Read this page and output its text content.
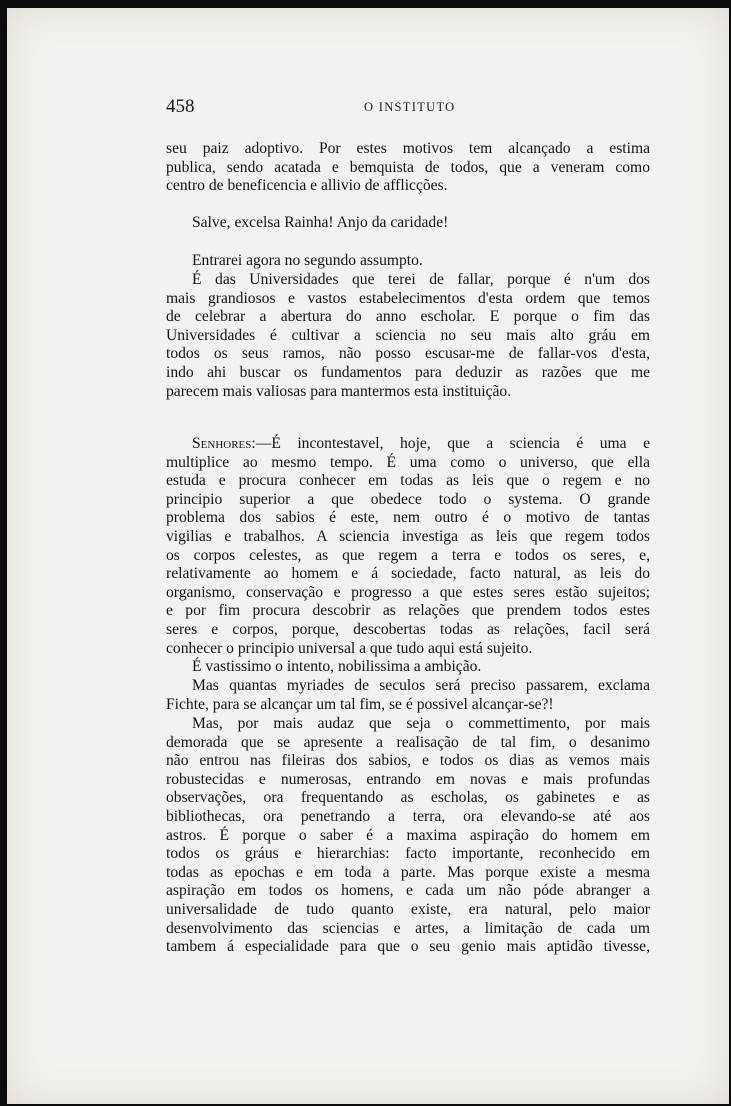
458	O INSTITUTO

seu paiz adoptivo. Por estes motivos tem alcançado a estima

publica, sendo acatada e bemquista de todos, que a veneram como

centro de beneficencia e allivio de afflicções.

Salve, excelsa Rainha! Anjo da caridade!

Entrarei agora no segundo assumpto.

É das Universidades que terei de fallar, porque é n'um dos

mais grandiosos e vastos estabelecimentos d'esta ordem que temos

de celebrar a abertura do anno escholar. E porque o fim das

Universidades é cultivar a sciencia no seu mais alto gráu em

todos os seus ramos, não posso escusar-me de fallar-vos d'esta,

indo ahi buscar os fundamentos para deduzir as razões que me

parecem mais valiosas para mantermos esta instituição.

Senhores:—É incontestavel, hoje, que a sciencia é uma e

multiplice ao mesmo tempo. É uma como o universo, que ella

estuda e procura conhecer em todas as leis que o regem e no

principio superior a que obedece todo o systema. O grande

problema dos sabios é este, nem outro é o motivo de tantas

vigilias e trabalhos. A sciencia investiga as leis que regem todos

os corpos celestes, as que regem a terra e todos os seres, e,

relativamente ao homem e á sociedade, facto natural, as leis do

organismo, conservação e progresso a que estes seres estão sujeitos;

e por fim procura descobrir as relações que prendem todos estes

seres e corpos, porque, descobertas todas as relações, facil será

conhecer o principio universal a que tudo aqui está sujeito.

É vastissimo o intento, nobilissima a ambição.

Mas quantas myriades de seculos será preciso passarem, exclama

Fichte, para se alcançar um tal fim, se é possivel alcançar-se?!

Mas, por mais audaz que seja o commettimento, por mais

demorada que se apresente a realisação de tal fim, o desanimo

não entrou nas fileiras dos sabios, e todos os dias as vemos mais

robustecidas e numerosas, entrando em novas e mais profundas

observações, ora frequentando as escholas, os gabinetes e as

bibliothecas, ora penetrando a terra, ora elevando-se até aos

astros. É porque o saber é a maxima aspiração do homem em

todos os gráus e hierarchias: facto importante, reconhecido em

todas as epochas e em toda a parte. Mas porque existe a mesma

aspiração em todos os homens, e cada um não póde abranger a

universalidade de tudo quanto existe, era natural, pelo maior

desenvolvimento das sciencias e artes, a limitação de cada um

tambem á especialidade para que o seu genio mais aptidão tivesse,
